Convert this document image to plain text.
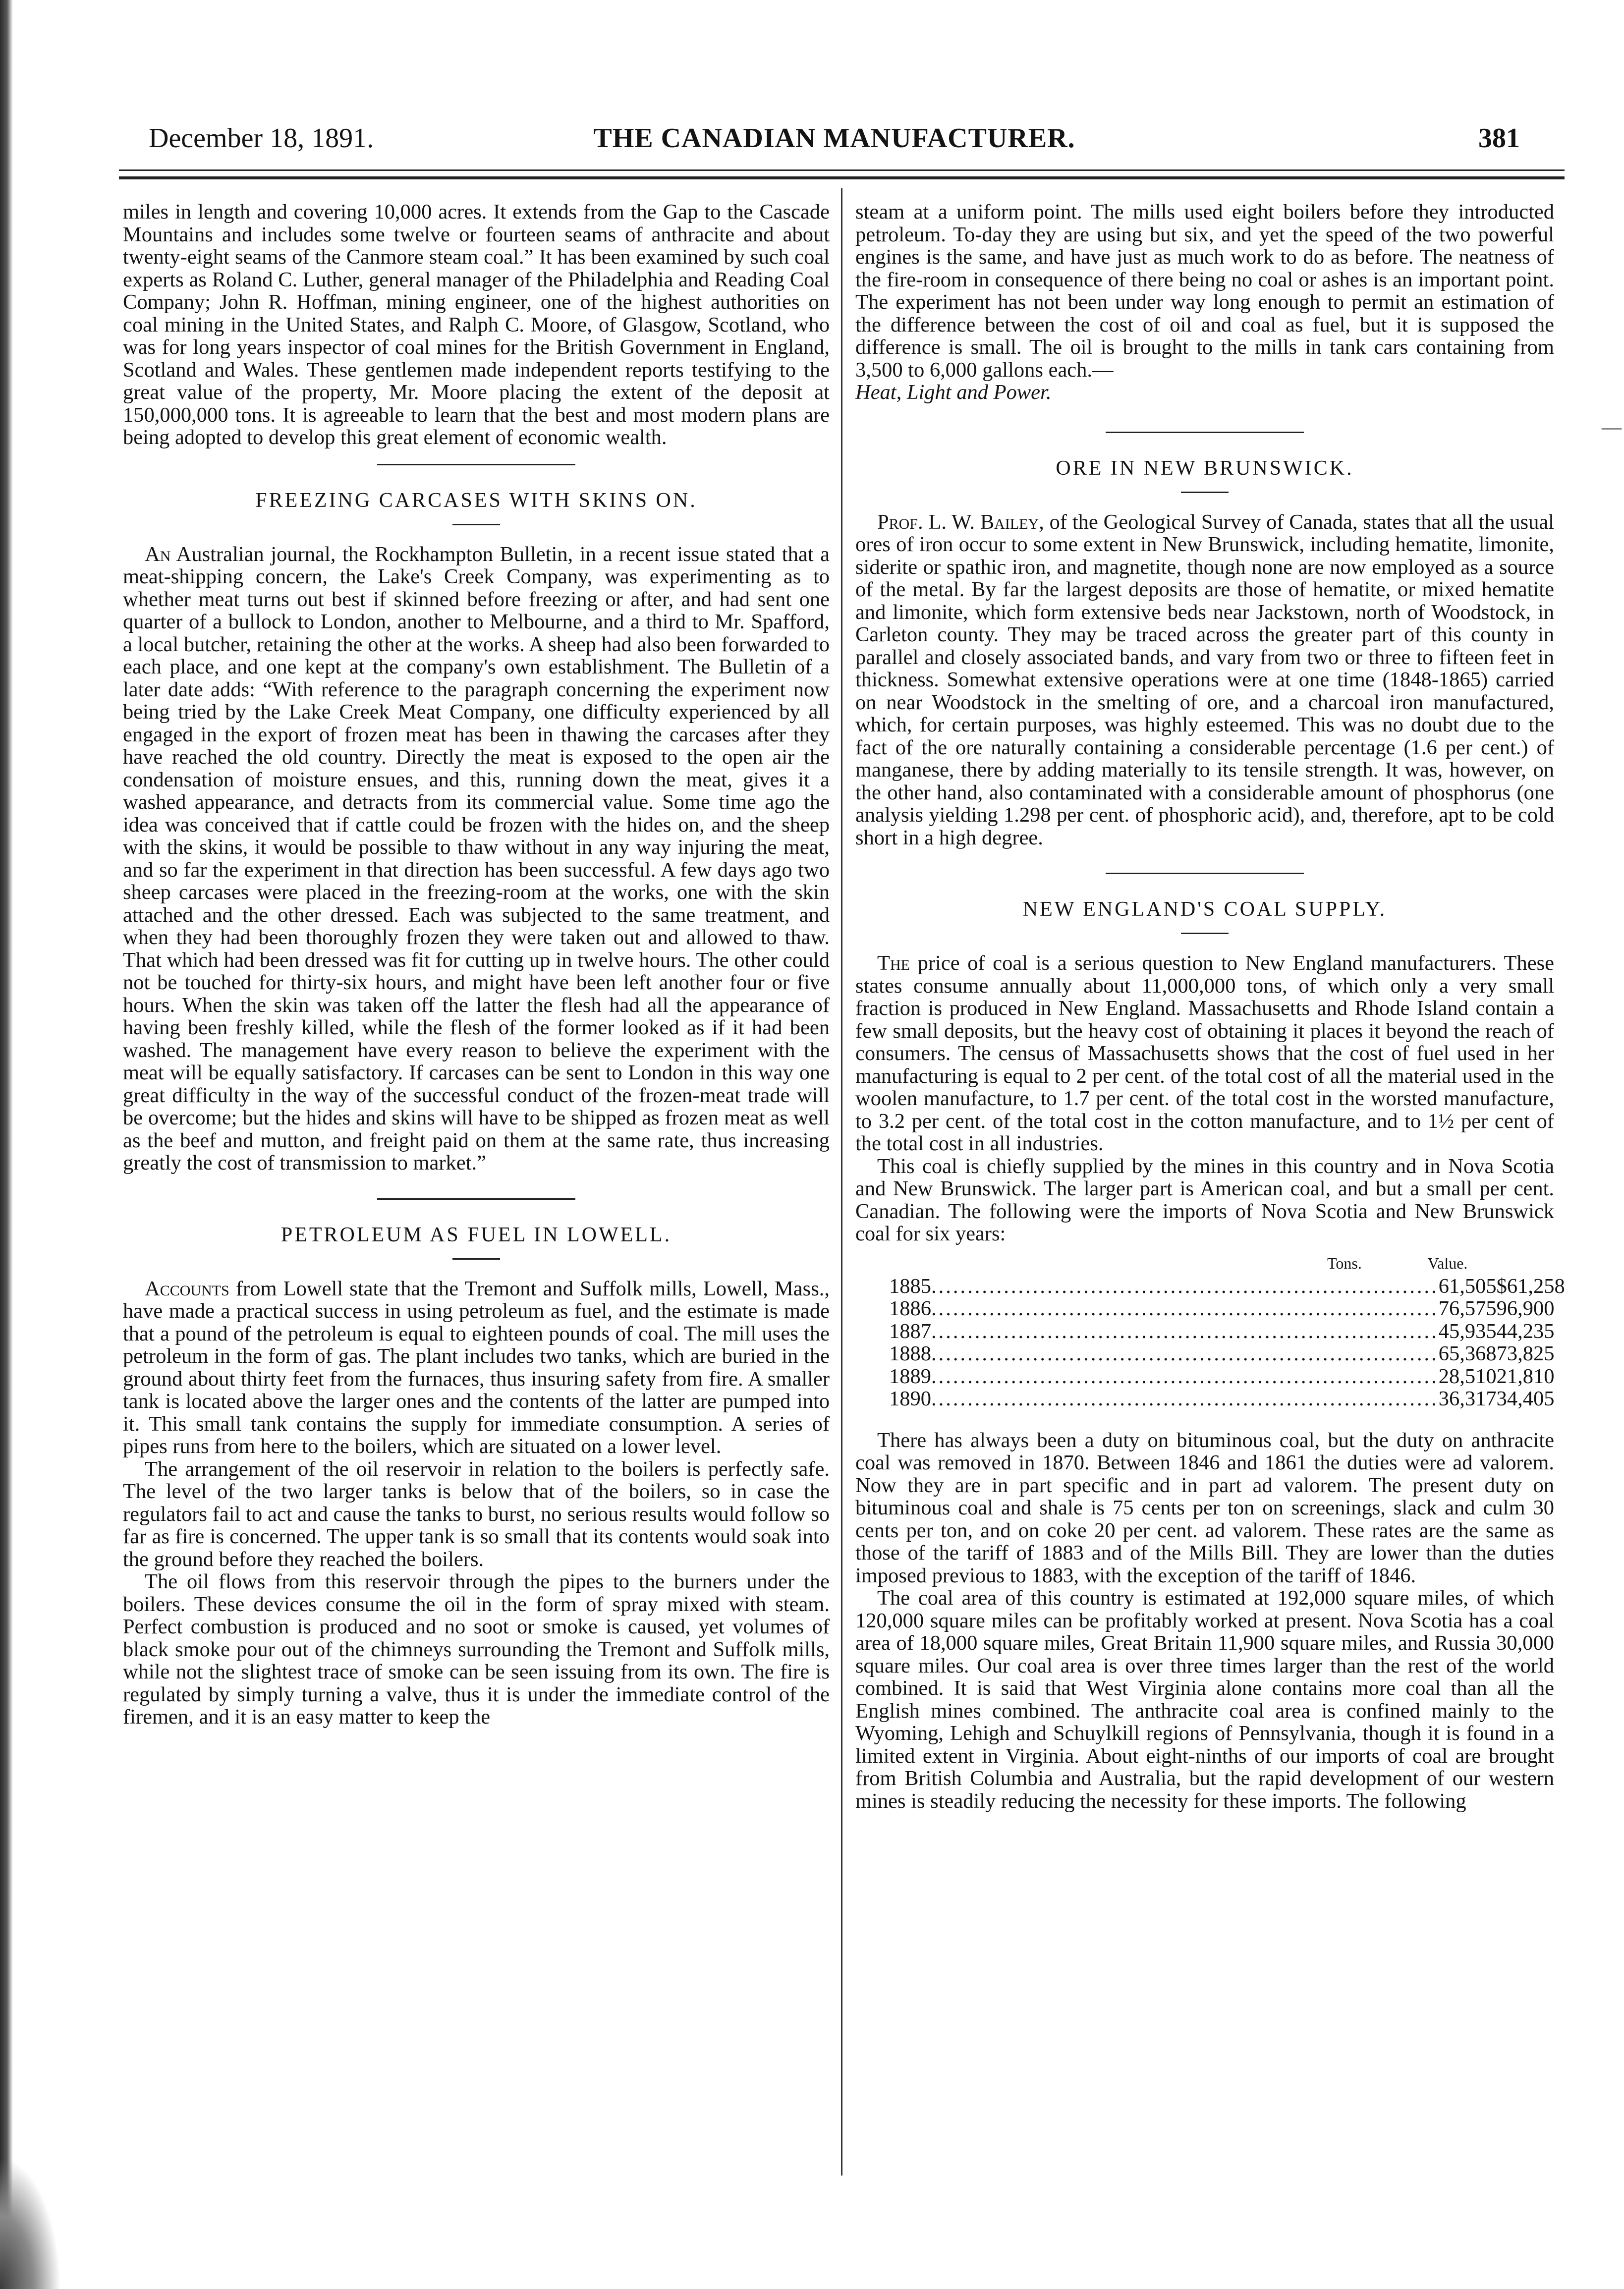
December 18, 1891.	THE CANADIAN MANUFACTURER.	381

miles in length and covering 10,000 acres. It extends from the Gap to the Cascade Mountains and includes some twelve or fourteen seams of anthracite and about twenty-eight seams of the Canmore steam coal.” It has been examined by such coal experts as Roland C. Luther, general manager of the Philadelphia and Reading Coal Company; John R. Hoffman, mining engineer, one of the highest authorities on coal mining in the United States, and Ralph C. Moore, of Glasgow, Scotland, who was for long years inspector of coal mines for the British Government in England, Scotland and Wales. These gentlemen made independent reports testifying to the great value of the property, Mr. Moore placing the extent of the deposit at 150,000,000 tons. It is agreeable to learn that the best and most modern plans are being adopted to develop this great element of economic wealth.

FREEZING CARCASES WITH SKINS ON.

An Australian journal, the Rockhampton Bulletin, in a recent issue stated that a meat-shipping concern, the Lake's Creek Company, was experimenting as to whether meat turns out best if skinned before freezing or after, and had sent one quarter of a bullock to London, another to Melbourne, and a third to Mr. Spafford, a local butcher, retaining the other at the works. A sheep had also been forwarded to each place, and one kept at the company's own establishment. The Bulletin of a later date adds: “With reference to the paragraph concerning the experiment now being tried by the Lake Creek Meat Company, one difficulty experienced by all engaged in the export of frozen meat has been in thawing the carcases after they have reached the old country. Directly the meat is exposed to the open air the condensation of moisture ensues, and this, running down the meat, gives it a washed appearance, and detracts from its commercial value. Some time ago the idea was conceived that if cattle could be frozen with the hides on, and the sheep with the skins, it would be possible to thaw without in any way injuring the meat, and so far the experiment in that direction has been successful. A few days ago two sheep carcases were placed in the freezing-room at the works, one with the skin attached and the other dressed. Each was subjected to the same treatment, and when they had been thoroughly frozen they were taken out and allowed to thaw. That which had been dressed was fit for cutting up in twelve hours. The other could not be touched for thirty-six hours, and might have been left another four or five hours. When the skin was taken off the latter the flesh had all the appearance of having been freshly killed, while the flesh of the former looked as if it had been washed. The management have every reason to believe the experiment with the meat will be equally satisfactory. If carcases can be sent to London in this way one great difficulty in the way of the successful conduct of the frozen-meat trade will be overcome; but the hides and skins will have to be shipped as frozen meat as well as the beef and mutton, and freight paid on them at the same rate, thus increasing greatly the cost of transmission to market.”

PETROLEUM AS FUEL IN LOWELL.

Accounts from Lowell state that the Tremont and Suffolk mills, Lowell, Mass., have made a practical success in using petroleum as fuel, and the estimate is made that a pound of the petroleum is equal to eighteen pounds of coal. The mill uses the petroleum in the form of gas. The plant includes two tanks, which are buried in the ground about thirty feet from the furnaces, thus insuring safety from fire. A smaller tank is located above the larger ones and the contents of the latter are pumped into it. This small tank contains the supply for immediate consumption. A series of pipes runs from here to the boilers, which are situated on a lower level.

The arrangement of the oil reservoir in relation to the boilers is perfectly safe. The level of the two larger tanks is below that of the boilers, so in case the regulators fail to act and cause the tanks to burst, no serious results would follow so far as fire is concerned. The upper tank is so small that its contents would soak into the ground before they reached the boilers.

The oil flows from this reservoir through the pipes to the burners under the boilers. These devices consume the oil in the form of spray mixed with steam. Perfect combustion is produced and no soot or smoke is caused, yet volumes of black smoke pour out of the chimneys surrounding the Tremont and Suffolk mills, while not the slightest trace of smoke can be seen issuing from its own. The fire is regulated by simply turning a valve, thus it is under the immediate control of the firemen, and it is an easy matter to keep the

steam at a uniform point. The mills used eight boilers before they introducted petroleum. To-day they are using but six, and yet the speed of the two powerful engines is the same, and have just as much work to do as before. The neatness of the fire-room in consequence of there being no coal or ashes is an important point. The experiment has not been under way long enough to permit an estimation of the difference between the cost of oil and coal as fuel, but it is supposed the difference is small. The oil is brought to the mills in tank cars containing from 3,500 to 6,000 gallons each.—
Heat, Light and Power.

ORE IN NEW BRUNSWICK.

Prof. L. W. Bailey, of the Geological Survey of Canada, states that all the usual ores of iron occur to some extent in New Brunswick, including hematite, limonite, siderite or spathic iron, and magnetite, though none are now employed as a source of the metal. By far the largest deposits are those of hematite, or mixed hematite and limonite, which form extensive beds near Jackstown, north of Woodstock, in Carleton county. They may be traced across the greater part of this county in parallel and closely associated bands, and vary from two or three to fifteen feet in thickness. Somewhat extensive operations were at one time (1848-1865) carried on near Woodstock in the smelting of ore, and a charcoal iron manufactured, which, for certain purposes, was highly esteemed. This was no doubt due to the fact of the ore naturally containing a considerable percentage (1.6 per cent.) of manganese, there by adding materially to its tensile strength. It was, however, on the other hand, also contaminated with a considerable amount of phosphorus (one analysis yielding 1.298 per cent. of phosphoric acid), and, therefore, apt to be cold short in a high degree.

NEW ENGLAND'S COAL SUPPLY.

The price of coal is a serious question to New England manufacturers. These states consume annually about 11,000,000 tons, of which only a very small fraction is produced in New England. Massachusetts and Rhode Island contain a few small deposits, but the heavy cost of obtaining it places it beyond the reach of consumers. The census of Massachusetts shows that the cost of fuel used in her manufacturing is equal to 2 per cent. of the total cost of all the material used in the woolen manufacture, to 1.7 per cent. of the total cost in the worsted manufacture, to 3.2 per cent. of the total cost in the cotton manufacture, and to 1½ per cent of the total cost in all industries.

This coal is chiefly supplied by the mines in this country and in Nova Scotia and New Brunswick. The larger part is American coal, and but a small per cent. Canadian. The following were the imports of Nova Scotia and New Brunswick coal for six years:

Tons.	Value.
1885 ...................................................................... 61,505 $61,258
1886 ...................................................................... 76,575 96,900
1887 ...................................................................... 45,935 44,235
1888 ...................................................................... 65,368 73,825
1889 ...................................................................... 28,510 21,810
1890 ...................................................................... 36,317 34,405

There has always been a duty on bituminous coal, but the duty on anthracite coal was removed in 1870. Between 1846 and 1861 the duties were ad valorem. Now they are in part specific and in part ad valorem. The present duty on bituminous coal and shale is 75 cents per ton on screenings, slack and culm 30 cents per ton, and on coke 20 per cent. ad valorem. These rates are the same as those of the tariff of 1883 and of the Mills Bill. They are lower than the duties imposed previous to 1883, with the exception of the tariff of 1846.

The coal area of this country is estimated at 192,000 square miles, of which 120,000 square miles can be profitably worked at present. Nova Scotia has a coal area of 18,000 square miles, Great Britain 11,900 square miles, and Russia 30,000 square miles. Our coal area is over three times larger than the rest of the world combined. It is said that West Virginia alone contains more coal than all the English mines combined. The anthracite coal area is confined mainly to the Wyoming, Lehigh and Schuylkill regions of Pennsylvania, though it is found in a limited extent in Virginia. About eight-ninths of our imports of coal are brought from British Columbia and Australia, but the rapid development of our western mines is steadily reducing the necessity for these imports. The following

—
